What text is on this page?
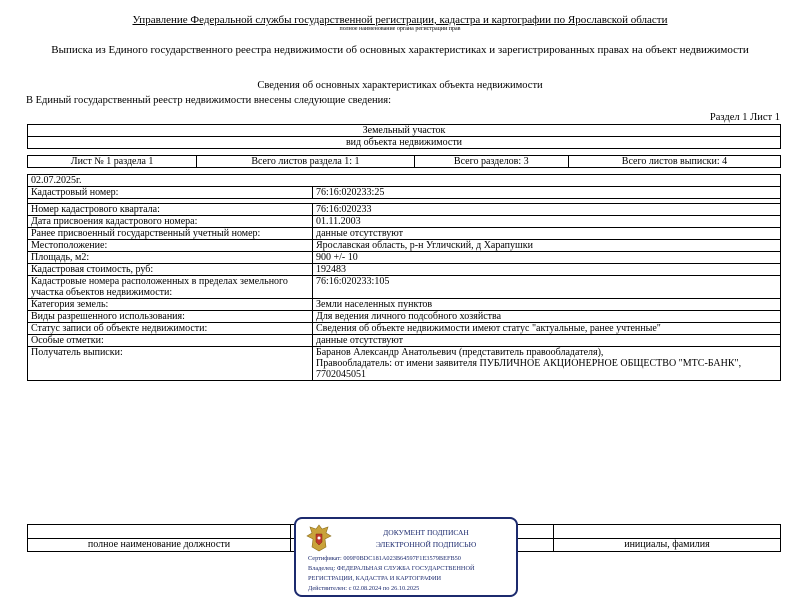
Управление Федеральной службы государственной регистрации, кадастра и картографии по Ярославской области
полное наименование органа регистрации прав
Выписка из Единого государственного реестра недвижимости об основных характеристиках и зарегистрированных правах на объект недвижимости
Сведения об основных характеристиках объекта недвижимости
В Единый государственный реестр недвижимости внесены следующие сведения:
Раздел 1 Лист 1
Земельный участок
вид объекта недвижимости
Лист № 1 раздела 1	Всего листов раздела 1: 1	Всего разделов: 3	Всего листов выписки: 4
02.07.2025г.	
Кадастровый номер:	76:16:020233:25

Номер кадастрового квартала:	76:16:020233
Дата присвоения кадастрового номера:	01.11.2003
Ранее присвоенный государственный учетный номер:	данные отсутствуют
Местоположение:	Ярославская область, р-н Угличский, д Харапушки
Площадь, м2:	900 +/- 10
Кадастровая стоимость, руб:	192483
Кадастровые номера расположенных в пределах земельного участка объектов недвижимости:	76:16:020233:105
Категория земель:	Земли населенных пунктов
Виды разрешенного использования:	Для ведения личного подсобного хозяйства
Статус записи об объекте недвижимости:	Сведения об объекте недвижимости имеют статус "актуальные, ранее учтенные"
Особые отметки:	данные отсутствуют
Получатель выписки:	Баранов Александр Анатольевич (представитель правообладателя),
Правообладатель: от имени заявителя ПУБЛИЧНОЕ АКЦИОНЕРНОЕ ОБЩЕСТВО "МТС-БАНК",
7702045051

полное наименование должности		инициалы, фамилия
ДОКУМЕНТ ПОДПИСАН
ЭЛЕКТРОННОЙ ПОДПИСЬЮ
Сертификат: 009F0BDC181A023B64597F1E3579BEFB50
Владелец: ФЕДЕРАЛЬНАЯ СЛУЖБА ГОСУДАРСТВЕННОЙ
РЕГИСТРАЦИИ, КАДАСТРА И КАРТОГРАФИИ
Действителен: с 02.08.2024 по 26.10.2025
